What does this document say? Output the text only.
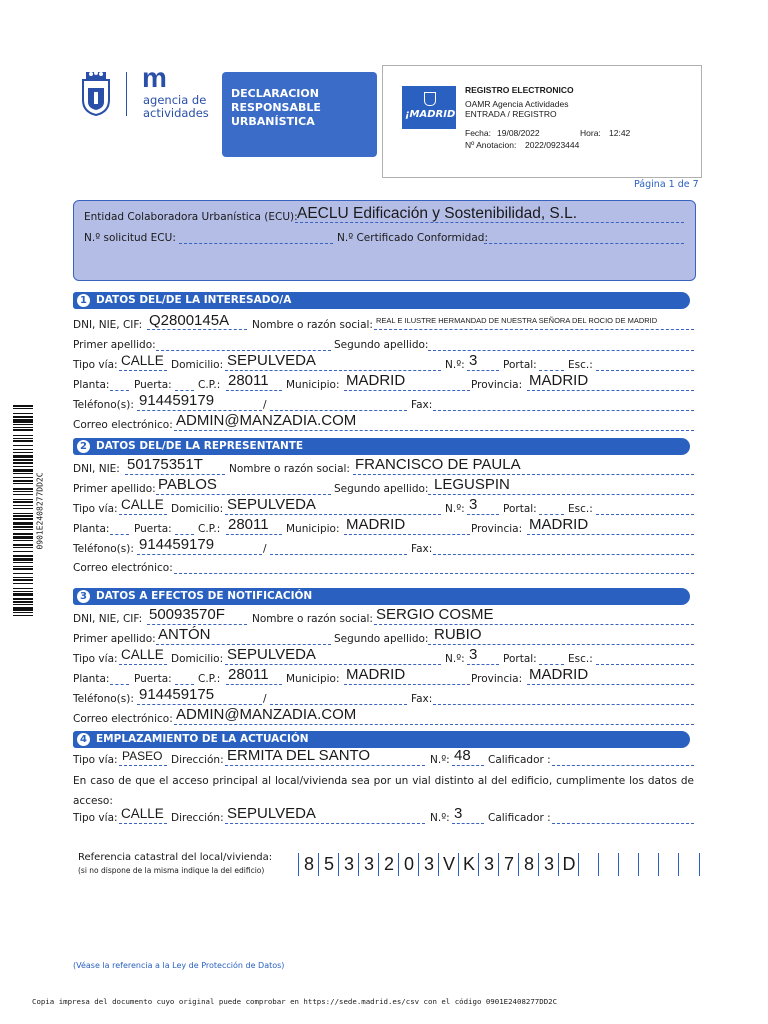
m
agencia de
actividades
DECLARACION
RESPONSABLE
URBANÍSTICA
¡MADRID!
REGISTRO ELECTRONICO
OAMR Agencia Actividades
ENTRADA / REGISTRO
Fecha: 19/08/2022	Hora: 12:42
Nº Anotacion: 2022/0923444
Página 1 de 7
Entidad Colaboradora Urbanística (ECU): AECLU Edificación y Sostenibilidad, S.L.
N.º solicitud ECU:	N.º Certificado Conformidad:
1 DATOS DEL/DE LA INTERESADO/A
DNI, NIE, CIF: Q2800145A Nombre o razón social: REAL E ILUSTRE HERMANDAD DE NUESTRA SEÑORA DEL ROCIO DE MADRID
Primer apellido:	Segundo apellido:
Tipo vía: CALLE Domicilio: SEPULVEDA	N.º: 3 Portal:	Esc.:
Planta: Puerta:	C.P.: 28011 Municipio: MADRID	Provincia: MADRID
Teléfono(s): 914459179	/	Fax:
Correo electrónico: ADMIN@MANZADIA.COM
2 DATOS DEL/DE LA REPRESENTANTE
DNI, NIE: 50175351T Nombre o razón social: FRANCISCO DE PAULA
Primer apellido: PABLOS	Segundo apellido: LEGUSPIN
Tipo vía: CALLE Domicilio: SEPULVEDA	N.º: 3 Portal:	Esc.:
Planta: Puerta:	C.P.: 28011 Municipio: MADRID	Provincia: MADRID
Teléfono(s): 914459179	/	Fax:
Correo electrónico:
3 DATOS A EFECTOS DE NOTIFICACIÓN
DNI, NIE, CIF: 50093570F	Nombre o razón social: SERGIO COSME
Primer apellido: ANTÓN	Segundo apellido: RUBIO
Tipo vía: CALLE Domicilio: SEPULVEDA	N.º: 3 Portal:	Esc.:
Planta: Puerta:	C.P.: 28011 Municipio: MADRID	Provincia: MADRID
Teléfono(s): 914459175	/	Fax:
Correo electrónico: ADMIN@MANZADIA.COM
4 EMPLAZAMIENTO DE LA ACTUACIÓN
Tipo vía: PASEO Dirección: ERMITA DEL SANTO	N.º: 48 Calificador :
En caso de que el acceso principal al local/vivienda sea por un vial distinto al del edificio, cumplimente los datos de acceso:
Tipo vía: CALLE Dirección: SEPULVEDA	N.º: 3 Calificador :
Referencia catastral del local/vivienda:
(si no dispone de la misma indique la del edificio)	8 5 3 3 2 0 3 V K 3 7 8 3 D
0901E2408277DD2C
(Véase la referencia a la Ley de Protección de Datos)
Copia impresa del documento cuyo original puede comprobar en https://sede.madrid.es/csv con el código 0901E2408277DD2C
